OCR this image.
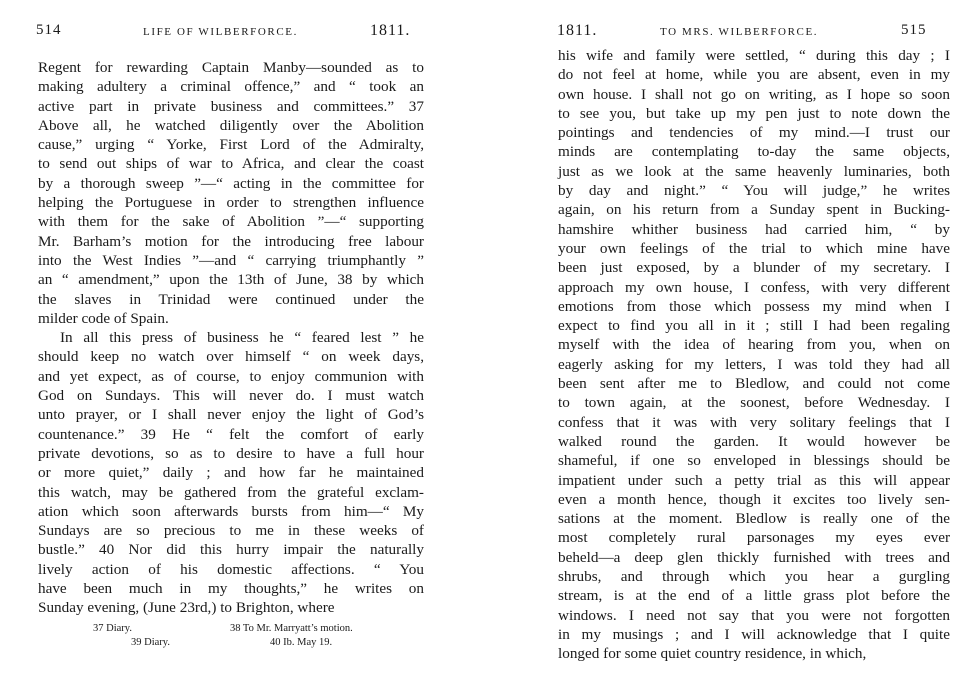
514	LIFE OF WILBERFORCE.	1811.
Regent for rewarding Captain Manby—sounded as to
making adultery a criminal offence,” and “ took an
active part in private business and committees.” 37
Above all, he watched diligently over the Abolition
cause,” urging “ Yorke, First Lord of the Admiralty,
to send out ships of war to Africa, and clear the coast
by a thorough sweep ”—“ acting in the committee for
helping the Portuguese in order to strengthen influence
with them for the sake of Abolition ”—“ supporting
Mr. Barham’s motion for the introducing free labour
into the West Indies ”—and “ carrying triumphantly ”
an “ amendment,” upon the 13th of June, 38 by which
the slaves in Trinidad were continued under the
milder code of Spain.
In all this press of business he “ feared lest ” he
should keep no watch over himself “ on week days,
and yet expect, as of course, to enjoy communion with
God on Sundays. This will never do. I must watch
unto prayer, or I shall never enjoy the light of God’s
countenance.” 39 He “ felt the comfort of early
private devotions, so as to desire to have a full hour
or more quiet,” daily ; and how far he maintained
this watch, may be gathered from the grateful exclam-
ation which soon afterwards bursts from him—“ My
Sundays are so precious to me in these weeks of
bustle.” 40 Nor did this hurry impair the naturally
lively action of his domestic affections. “ You
have been much in my thoughts,” he writes on
Sunday evening, (June 23rd,) to Brighton, where
37 Diary.	38 To Mr. Marryatt’s motion.
39 Diary.	40 Ib. May 19.
1811.	TO MRS. WILBERFORCE.	515
his wife and family were settled, “ during this day ; I
do not feel at home, while you are absent, even in my
own house. I shall not go on writing, as I hope so soon
to see you, but take up my pen just to note down the
pointings and tendencies of my mind.—I trust our
minds are contemplating to-day the same objects,
just as we look at the same heavenly luminaries, both
by day and night.” “ You will judge,” he writes
again, on his return from a Sunday spent in Bucking-
hamshire whither business had carried him, “ by
your own feelings of the trial to which mine have
been just exposed, by a blunder of my secretary. I
approach my own house, I confess, with very different
emotions from those which possess my mind when I
expect to find you all in it ; still I had been regaling
myself with the idea of hearing from you, when on
eagerly asking for my letters, I was told they had all
been sent after me to Bledlow, and could not come
to town again, at the soonest, before Wednesday. I
confess that it was with very solitary feelings that I
walked round the garden. It would however be
shameful, if one so enveloped in blessings should be
impatient under such a petty trial as this will appear
even a month hence, though it excites too lively sen-
sations at the moment. Bledlow is really one of the
most completely rural parsonages my eyes ever
beheld—a deep glen thickly furnished with trees and
shrubs, and through which you hear a gurgling
stream, is at the end of a little grass plot before the
windows. I need not say that you were not forgotten
in my musings ; and I will acknowledge that I quite
longed for some quiet country residence, in which,
